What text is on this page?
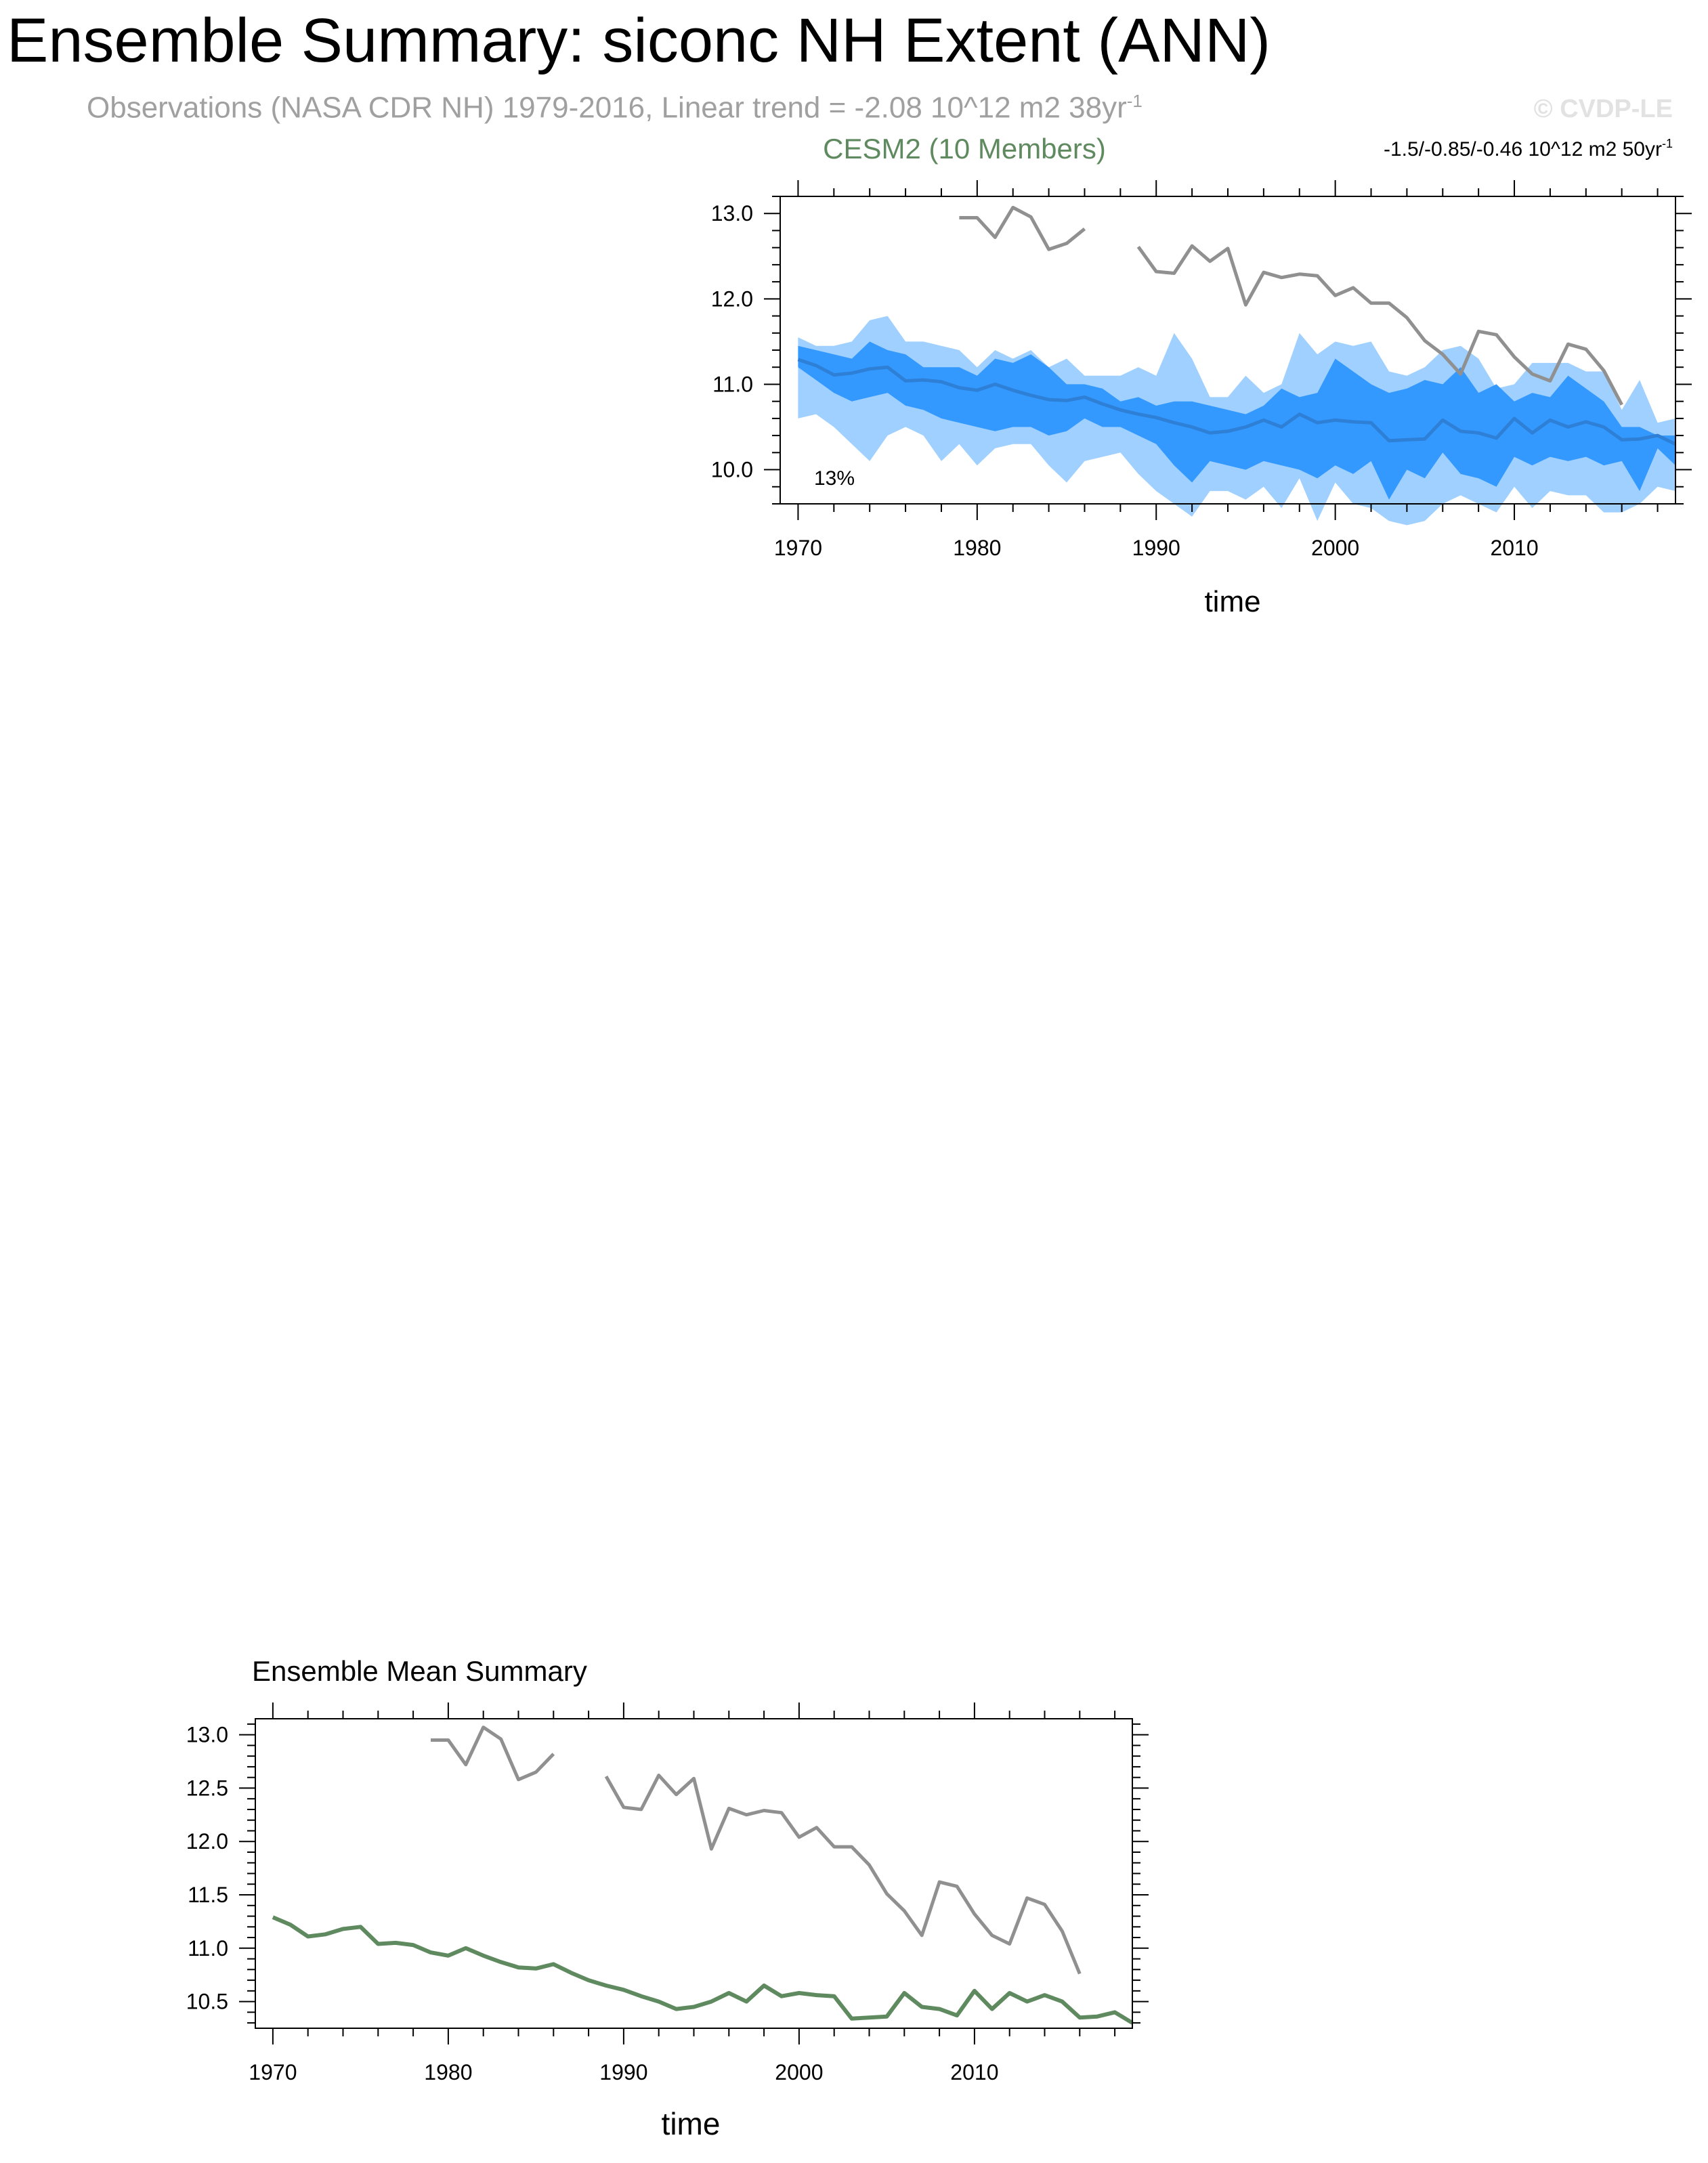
Ensemble Summary: siconc NH Extent (ANN)
Observations (NASA CDR NH) 1979-2016, Linear trend = -2.08 10^12 m2 $38yr^{-1}$	© CVDP-LE
CESM2 (10 Members)	-1.5/-0.85/-0.46 10^12 m2 $50yr^{-1}$
1970	1980	1990	2000	2010
10.0
11.0
12.0
13.0
13%
time
Ensemble Mean Summary
1970	1980	1990	2000	2010
10.5
11.0
11.5
12.0
12.5
13.0
time
